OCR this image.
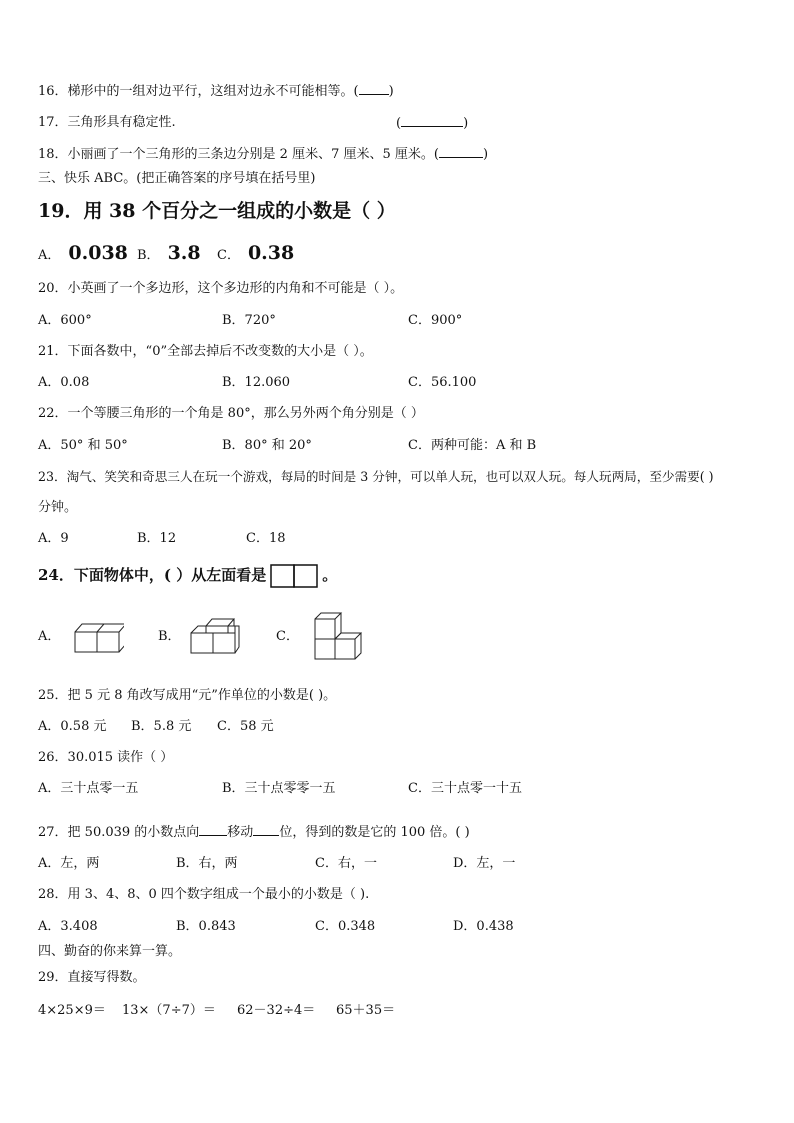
16．梯形中的一组对边平行，这组对边永不可能相等。( )
17．三角形具有稳定性.	(	)
18．小丽画了一个三角形的三条边分别是 2 厘米、7 厘米、5 厘米。(	)
三、快乐 ABC。(把正确答案的序号填在括号里)
19．用 38 个百分之一组成的小数是（ ）
A． 0.038 B． 3.8 C． 0.38
20．小英画了一个多边形，这个多边形的内角和不可能是（ ）。
A．600°	B．720°	C．900°
21．下面各数中，“0”全部去掉后不改变数的大小是（ ）。
A．0.08	B．12.060	C．56.100
22．一个等腰三角形的一个角是 80°，那么另外两个角分别是（ ）
A．50° 和 50°	B．80° 和 20°	C．两种可能：A 和 B
23．淘气、笑笑和奇思三人在玩一个游戏，每局的时间是 3 分钟，可以单人玩，也可以双人玩。每人玩两局，至少需要( )
分钟。
A．9	B．12	C．18
24．下面物体中，( ）从左面看是	。
A．	B．	C．
25．把 5 元 8 角改写成用“元”作单位的小数是( )。
A．0.58 元 B．5.8 元 C．58 元
26．30.015 读作（ ）
A．三十点零一五	B．三十点零零一五	C．三十点零一十五
27．把 50.039 的小数点向 移动 位，得到的数是它的 100 倍。( )
A．左，两	B．右，两	C．右，一	D．左，一
28．用 3、4、8、0 四个数字组成一个最小的小数是（ ).
A．3.408	B．0.843	C．0.348	D．0.438
四、勤奋的你来算一算。
29．直接写得数。
4×25×9＝ 13×（7÷7）＝ 62－32÷4＝ 65＋35＝
